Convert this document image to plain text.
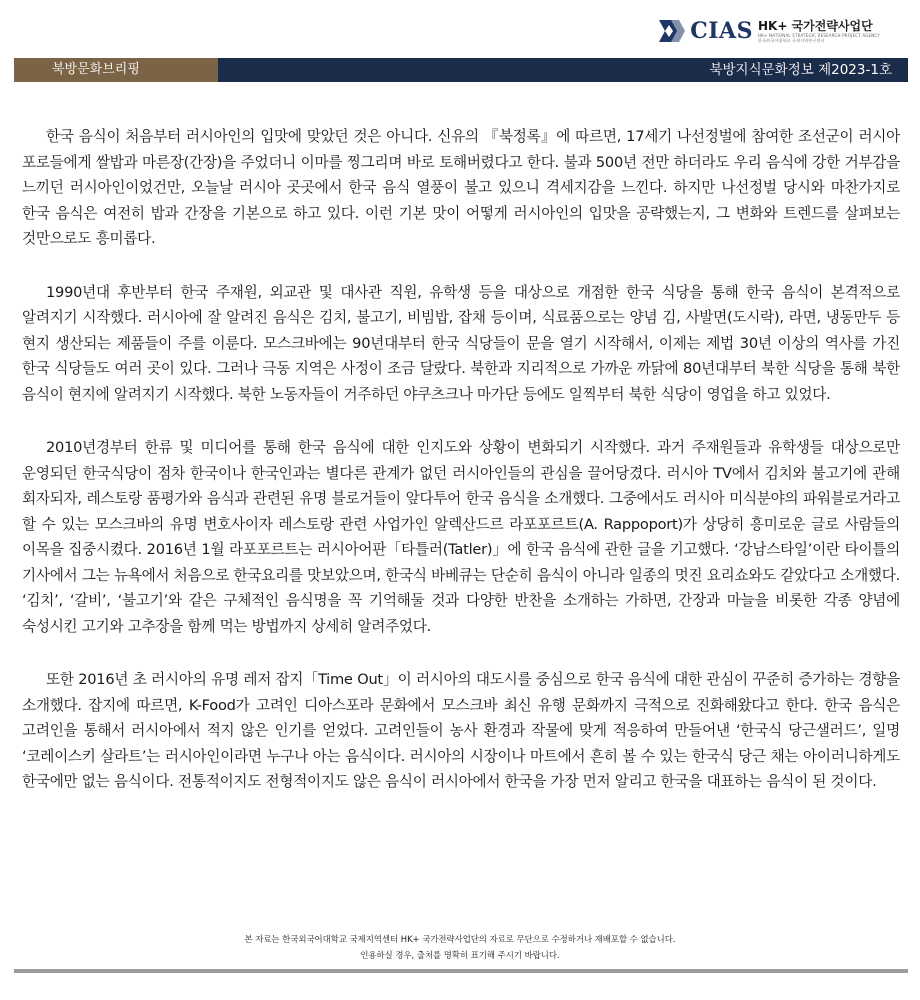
CIAS HK+ 국가전략사업단
HK+ NATIONAL STRATEGIC RESEARCH PROJECT AGENCY
한국외국어대학교 국제지역연구센터
북방문화브리핑	북방지식문화정보 제2023-1호

한국 음식이 처음부터 러시아인의 입맛에 맞았던 것은 아니다. 신유의 『북정록』에 따르면, 17세기 나선정벌에 참여한 조선군이 러시아 포로들에게 쌀밥과 마른장(간장)을 주었더니 이마를 찡그리며 바로 토해버렸다고 한다. 불과 500년 전만 하더라도 우리 음식에 강한 거부감을 느끼던 러시아인이었건만, 오늘날 러시아 곳곳에서 한국 음식 열풍이 불고 있으니 격세지감을 느낀다. 하지만 나선정벌 당시와 마찬가지로 한국 음식은 여전히 밥과 간장을 기본으로 하고 있다. 이런 기본 맛이 어떻게 러시아인의 입맛을 공략했는지, 그 변화와 트렌드를 살펴보는 것만으로도 흥미롭다.

1990년대 후반부터 한국 주재원, 외교관 및 대사관 직원, 유학생 등을 대상으로 개점한 한국 식당을 통해 한국 음식이 본격적으로 알려지기 시작했다. 러시아에 잘 알려진 음식은 김치, 불고기, 비빔밥, 잡채 등이며, 식료품으로는 양념 김, 사발면(도시락), 라면, 냉동만두 등 현지 생산되는 제품들이 주를 이룬다. 모스크바에는 90년대부터 한국 식당들이 문을 열기 시작해서, 이제는 제법 30년 이상의 역사를 가진 한국 식당들도 여러 곳이 있다. 그러나 극동 지역은 사정이 조금 달랐다. 북한과 지리적으로 가까운 까닭에 80년대부터 북한 식당을 통해 북한 음식이 현지에 알려지기 시작했다. 북한 노동자들이 거주하던 야쿠츠크나 마가단 등에도 일찍부터 북한 식당이 영업을 하고 있었다.

2010년경부터 한류 및 미디어를 통해 한국 음식에 대한 인지도와 상황이 변화되기 시작했다. 과거 주재원들과 유학생들 대상으로만 운영되던 한국식당이 점차 한국이나 한국인과는 별다른 관계가 없던 러시아인들의 관심을 끌어당겼다. 러시아 TV에서 김치와 불고기에 관해 회자되자, 레스토랑 품평가와 음식과 관련된 유명 블로거들이 앞다투어 한국 음식을 소개했다. 그중에서도 러시아 미식분야의 파워블로거라고 할 수 있는 모스크바의 유명 변호사이자 레스토랑 관련 사업가인 알렉산드르 라포포르트(A. Rappoport)가 상당히 흥미로운 글로 사람들의 이목을 집중시켰다. 2016년 1월 라포포르트는 러시아어판「타틀러(Tatler)」에 한국 음식에 관한 글을 기고했다. ‘강남스타일’이란 타이틀의 기사에서 그는 뉴욕에서 처음으로 한국요리를 맛보았으며, 한국식 바베큐는 단순히 음식이 아니라 일종의 멋진 요리쇼와도 같았다고 소개했다. ‘김치’, ‘갈비’, ‘불고기’와 같은 구체적인 음식명을 꼭 기억해둘 것과 다양한 반찬을 소개하는 가하면, 간장과 마늘을 비롯한 각종 양념에 숙성시킨 고기와 고추장을 함께 먹는 방법까지 상세히 알려주었다.

또한 2016년 초 러시아의 유명 레저 잡지「Time Out」이 러시아의 대도시를 중심으로 한국 음식에 대한 관심이 꾸준히 증가하는 경향을 소개했다. 잡지에 따르면, K-Food가 고려인 디아스포라 문화에서 모스크바 최신 유행 문화까지 극적으로 진화해왔다고 한다. 한국 음식은 고려인을 통해서 러시아에서 적지 않은 인기를 얻었다. 고려인들이 농사 환경과 작물에 맞게 적응하여 만들어낸 ‘한국식 당근샐러드’, 일명 ‘코레이스키 살라트’는 러시아인이라면 누구나 아는 음식이다. 러시아의 시장이나 마트에서 흔히 볼 수 있는 한국식 당근 채는 아이러니하게도 한국에만 없는 음식이다. 전통적이지도 전형적이지도 않은 음식이 러시아에서 한국을 가장 먼저 알리고 한국을 대표하는 음식이 된 것이다.

본 자료는 한국외국어대학교 국제지역센터 HK+ 국가전략사업단의 자료로 무단으로 수정하거나 재배포할 수 없습니다.
인용하실 경우, 출처를 명확히 표기해 주시기 바랍니다.
